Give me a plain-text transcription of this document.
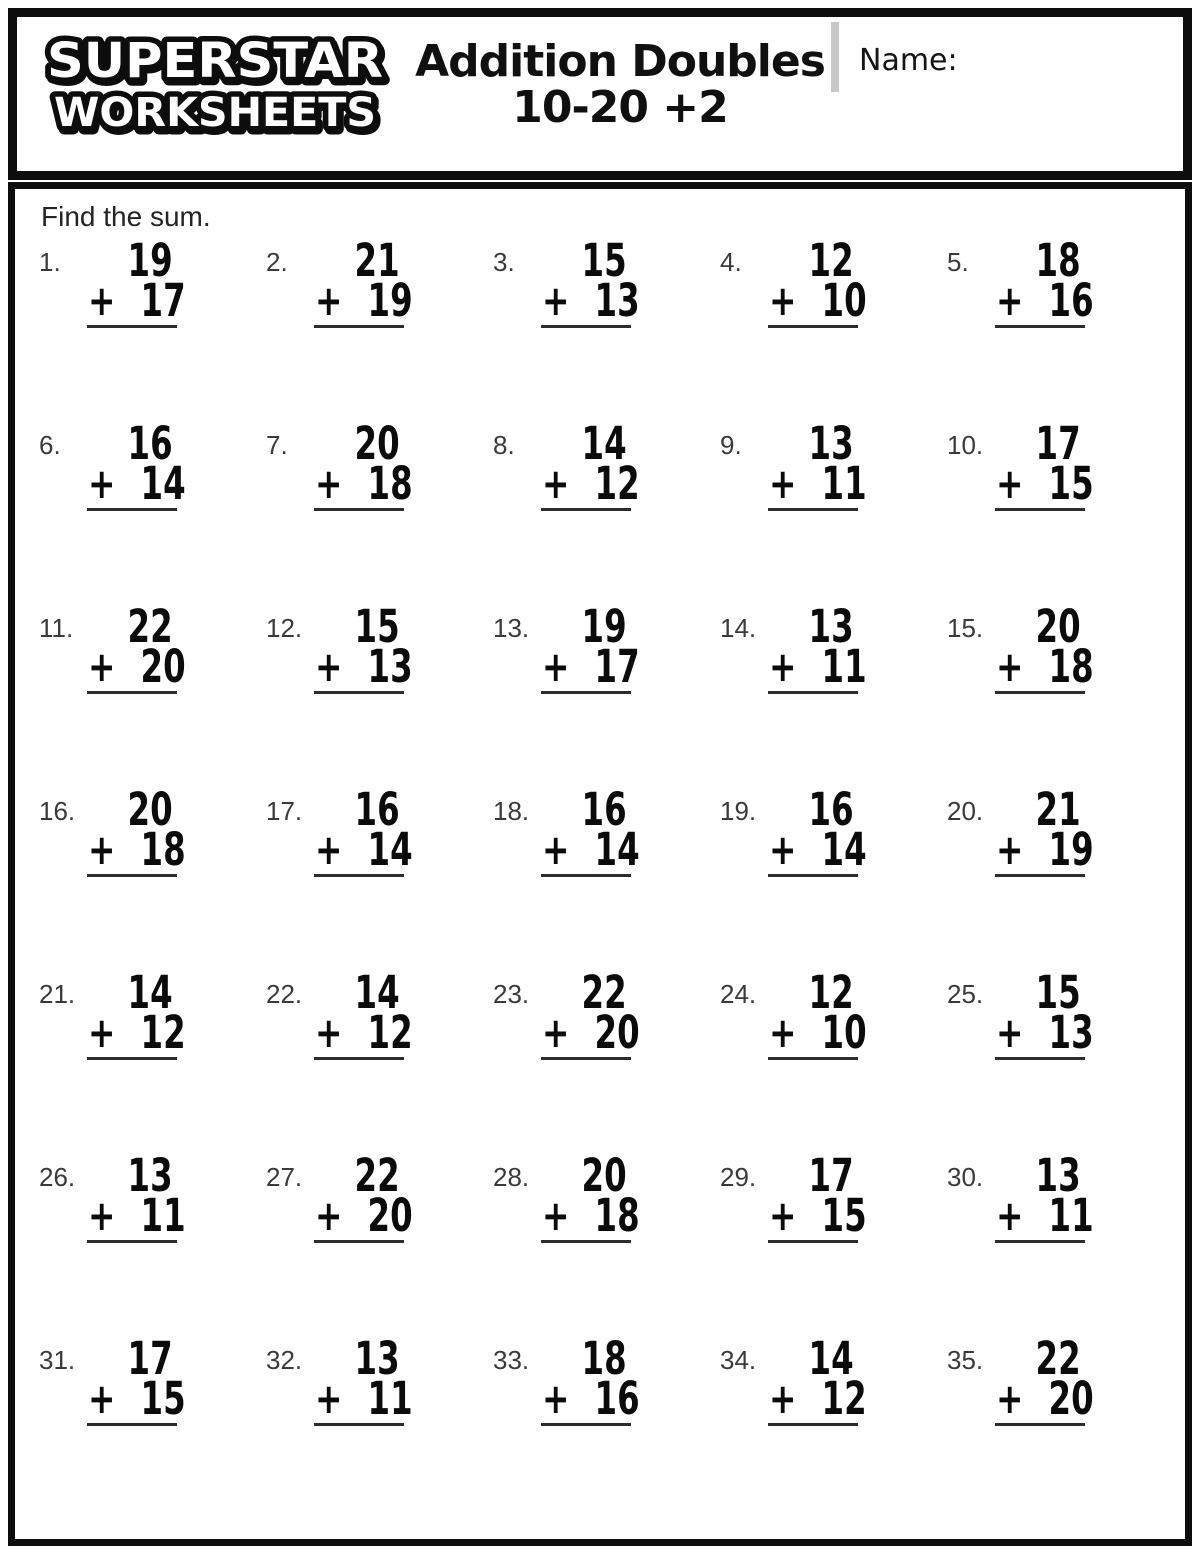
SUPERSTAR
WORKSHEETS
Addition Doubles
10-20 +2
Name:
Find the sum.
1.	19
+ 17
2.	21
+ 19
3.	15
+ 13
4.	12
+ 10
5.	18
+ 16
6.	16
+ 14
7.	20
+ 18
8.	14
+ 12
9.	13
+ 11
10.	17
+ 15
11.	22
+ 20
12.	15
+ 13
13.	19
+ 17
14.	13
+ 11
15.	20
+ 18
16.	20
+ 18
17.	16
+ 14
18.	16
+ 14
19.	16
+ 14
20.	21
+ 19
21.	14
+ 12
22.	14
+ 12
23.	22
+ 20
24.	12
+ 10
25.	15
+ 13
26.	13
+ 11
27.	22
+ 20
28.	20
+ 18
29.	17
+ 15
30.	13
+ 11
31.	17
+ 15
32.	13
+ 11
33.	18
+ 16
34.	14
+ 12
35.	22
+ 20
